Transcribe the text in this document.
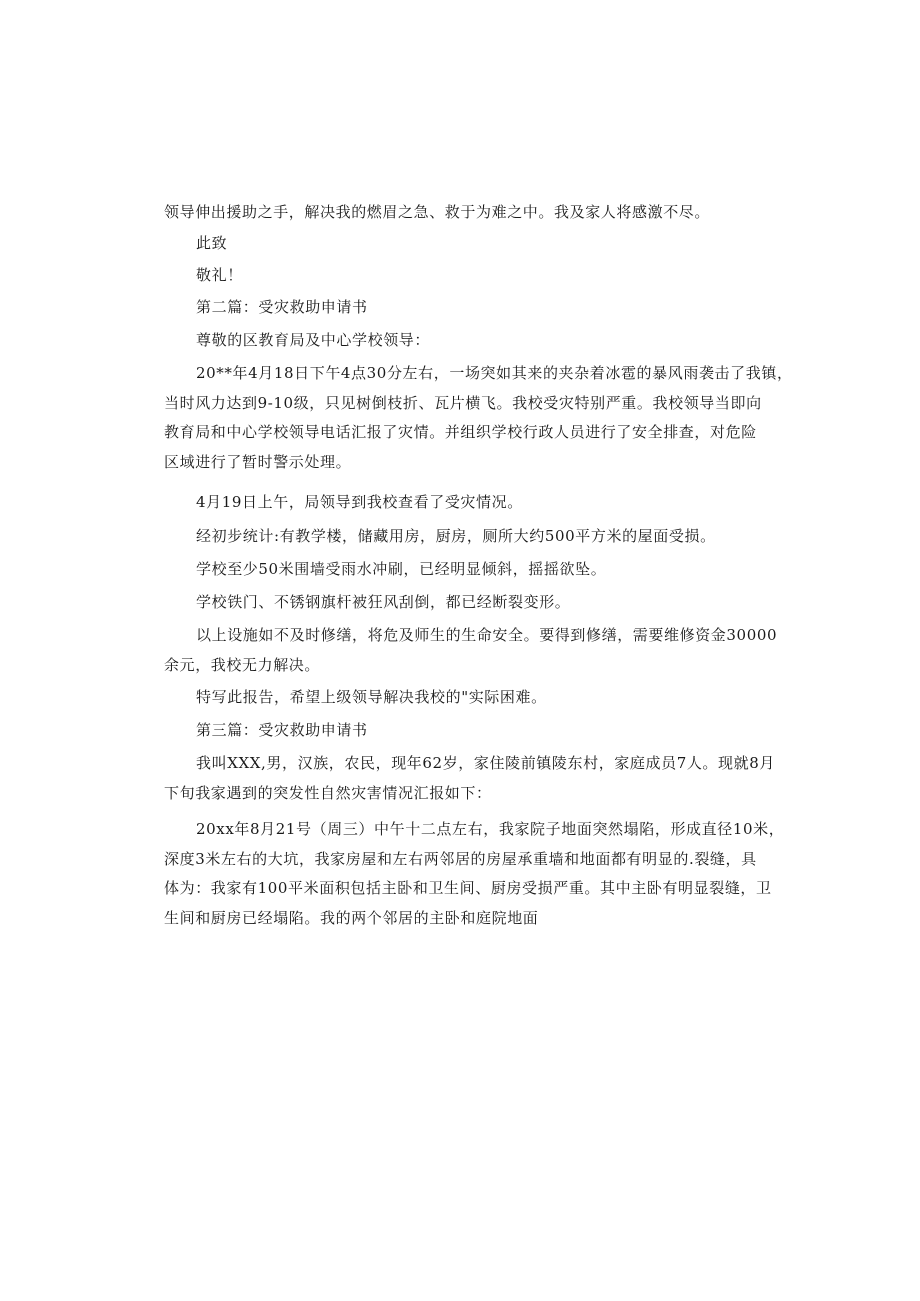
领导伸出援助之手，解决我的燃眉之急、救于为难之中。我及家人将感激不尽。
此致
敬礼！
第二篇：受灾救助申请书
尊敬的区教育局及中心学校领导：
20**年4月18日下午4点30分左右，一场突如其来的夹杂着冰雹的暴风雨袭击了我镇，
当时风力达到9-10级，只见树倒枝折、瓦片横飞。我校受灾特别严重。我校领导当即向
教育局和中心学校领导电话汇报了灾情。并组织学校行政人员进行了安全排查，对危险
区域进行了暂时警示处理。
4月19日上午，局领导到我校查看了受灾情况。
经初步统计:有教学楼，储藏用房，厨房，厕所大约500平方米的屋面受损。
学校至少50米围墙受雨水冲刷，已经明显倾斜，摇摇欲坠。
学校铁门、不锈钢旗杆被狂风刮倒，都已经断裂变形。
以上设施如不及时修缮，将危及师生的生命安全。要得到修缮，需要维修资金30000
余元，我校无力解决。
特写此报告，希望上级领导解决我校的"实际困难。
第三篇：受灾救助申请书
我叫XXX,男，汉族，农民，现年62岁，家住陵前镇陵东村，家庭成员7人。现就8月
下旬我家遇到的突发性自然灾害情况汇报如下：
20xx年8月21号（周三）中午十二点左右，我家院子地面突然塌陷，形成直径10米，
深度3米左右的大坑，我家房屋和左右两邻居的房屋承重墙和地面都有明显的.裂缝，具
体为：我家有100平米面积包括主卧和卫生间、厨房受损严重。其中主卧有明显裂缝，卫
生间和厨房已经塌陷。我的两个邻居的主卧和庭院地面
